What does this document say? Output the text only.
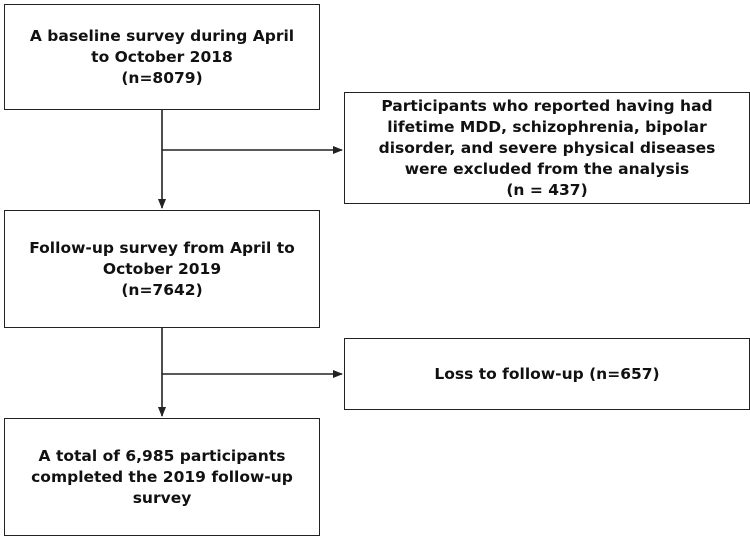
A baseline survey during April
to October 2018
(n=8079)
Participants who reported having had
lifetime MDD, schizophrenia, bipolar
disorder, and severe physical diseases
were excluded from the analysis
(n = 437)
Follow-up survey from April to
October 2019
(n=7642)
Loss to follow-up (n=657)
A total of 6,985 participants
completed the 2019 follow-up
survey
